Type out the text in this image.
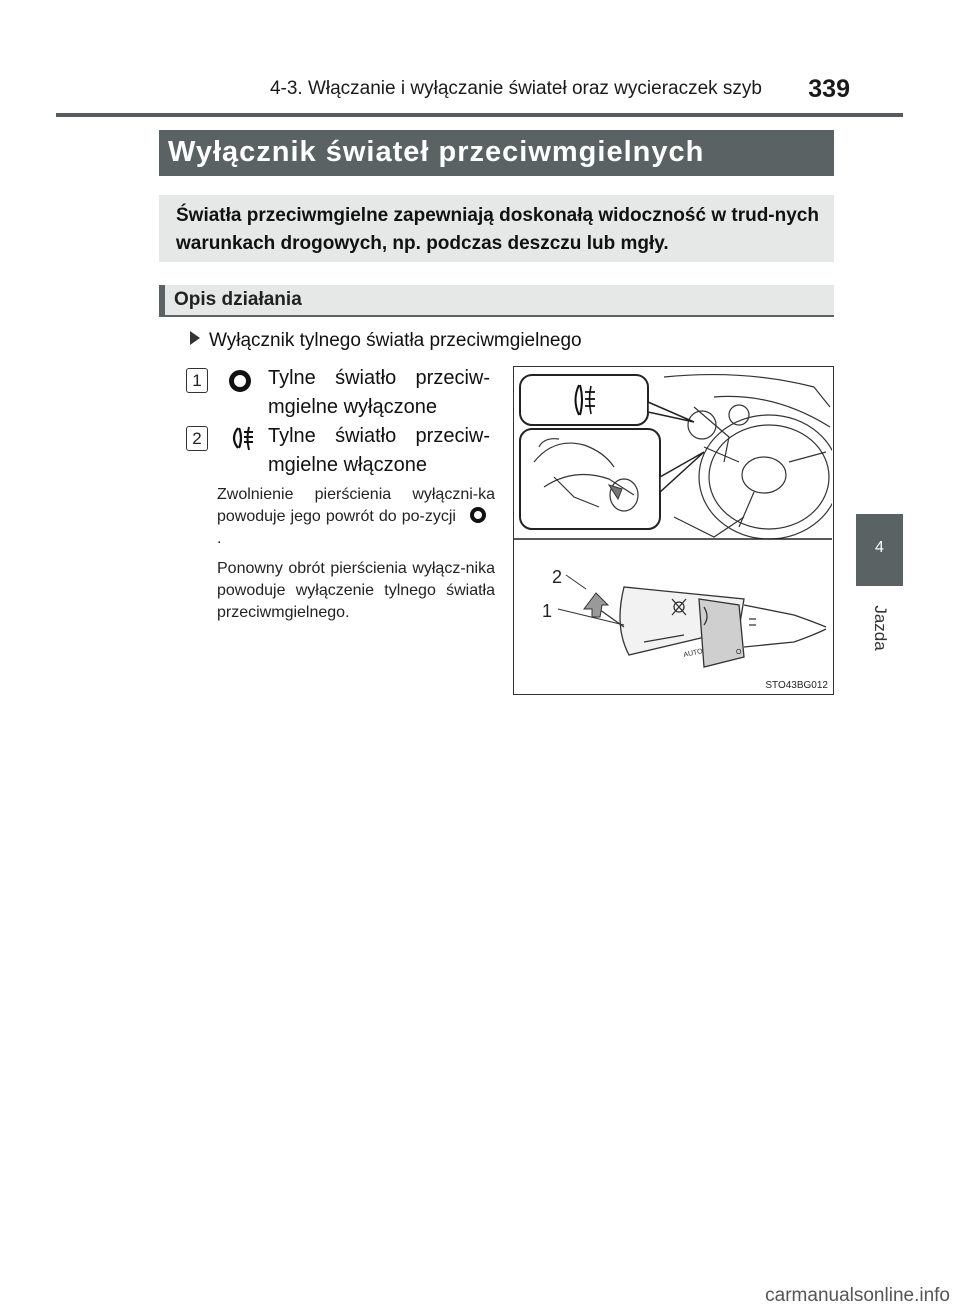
4-3. Włączanie i wyłączanie świateł oraz wycieraczek szyb 339
Wyłącznik świateł przeciwmgielnych

Światła przeciwmgielne zapewniają doskonałą widoczność w trud-nych warunkach drogowych, np. podczas deszczu lub mgły.

Opis działania
Wyłącznik tylnego światła przeciwmgielnego
1	Tylne światło przeciw-
mgielne wyłączone
2	Tylne światło przeciw-
mgielne włączone
Zwolnienie pierścienia wyłączni-ka powoduje jego powrót do po-zycji .
Ponowny obrót pierścienia wyłącz-nika powoduje wyłączenie tylnego światła przeciwmgielnego.
AUTO	O
2
1
STO43BG012
4
Jazda
carmanualsonline.info
